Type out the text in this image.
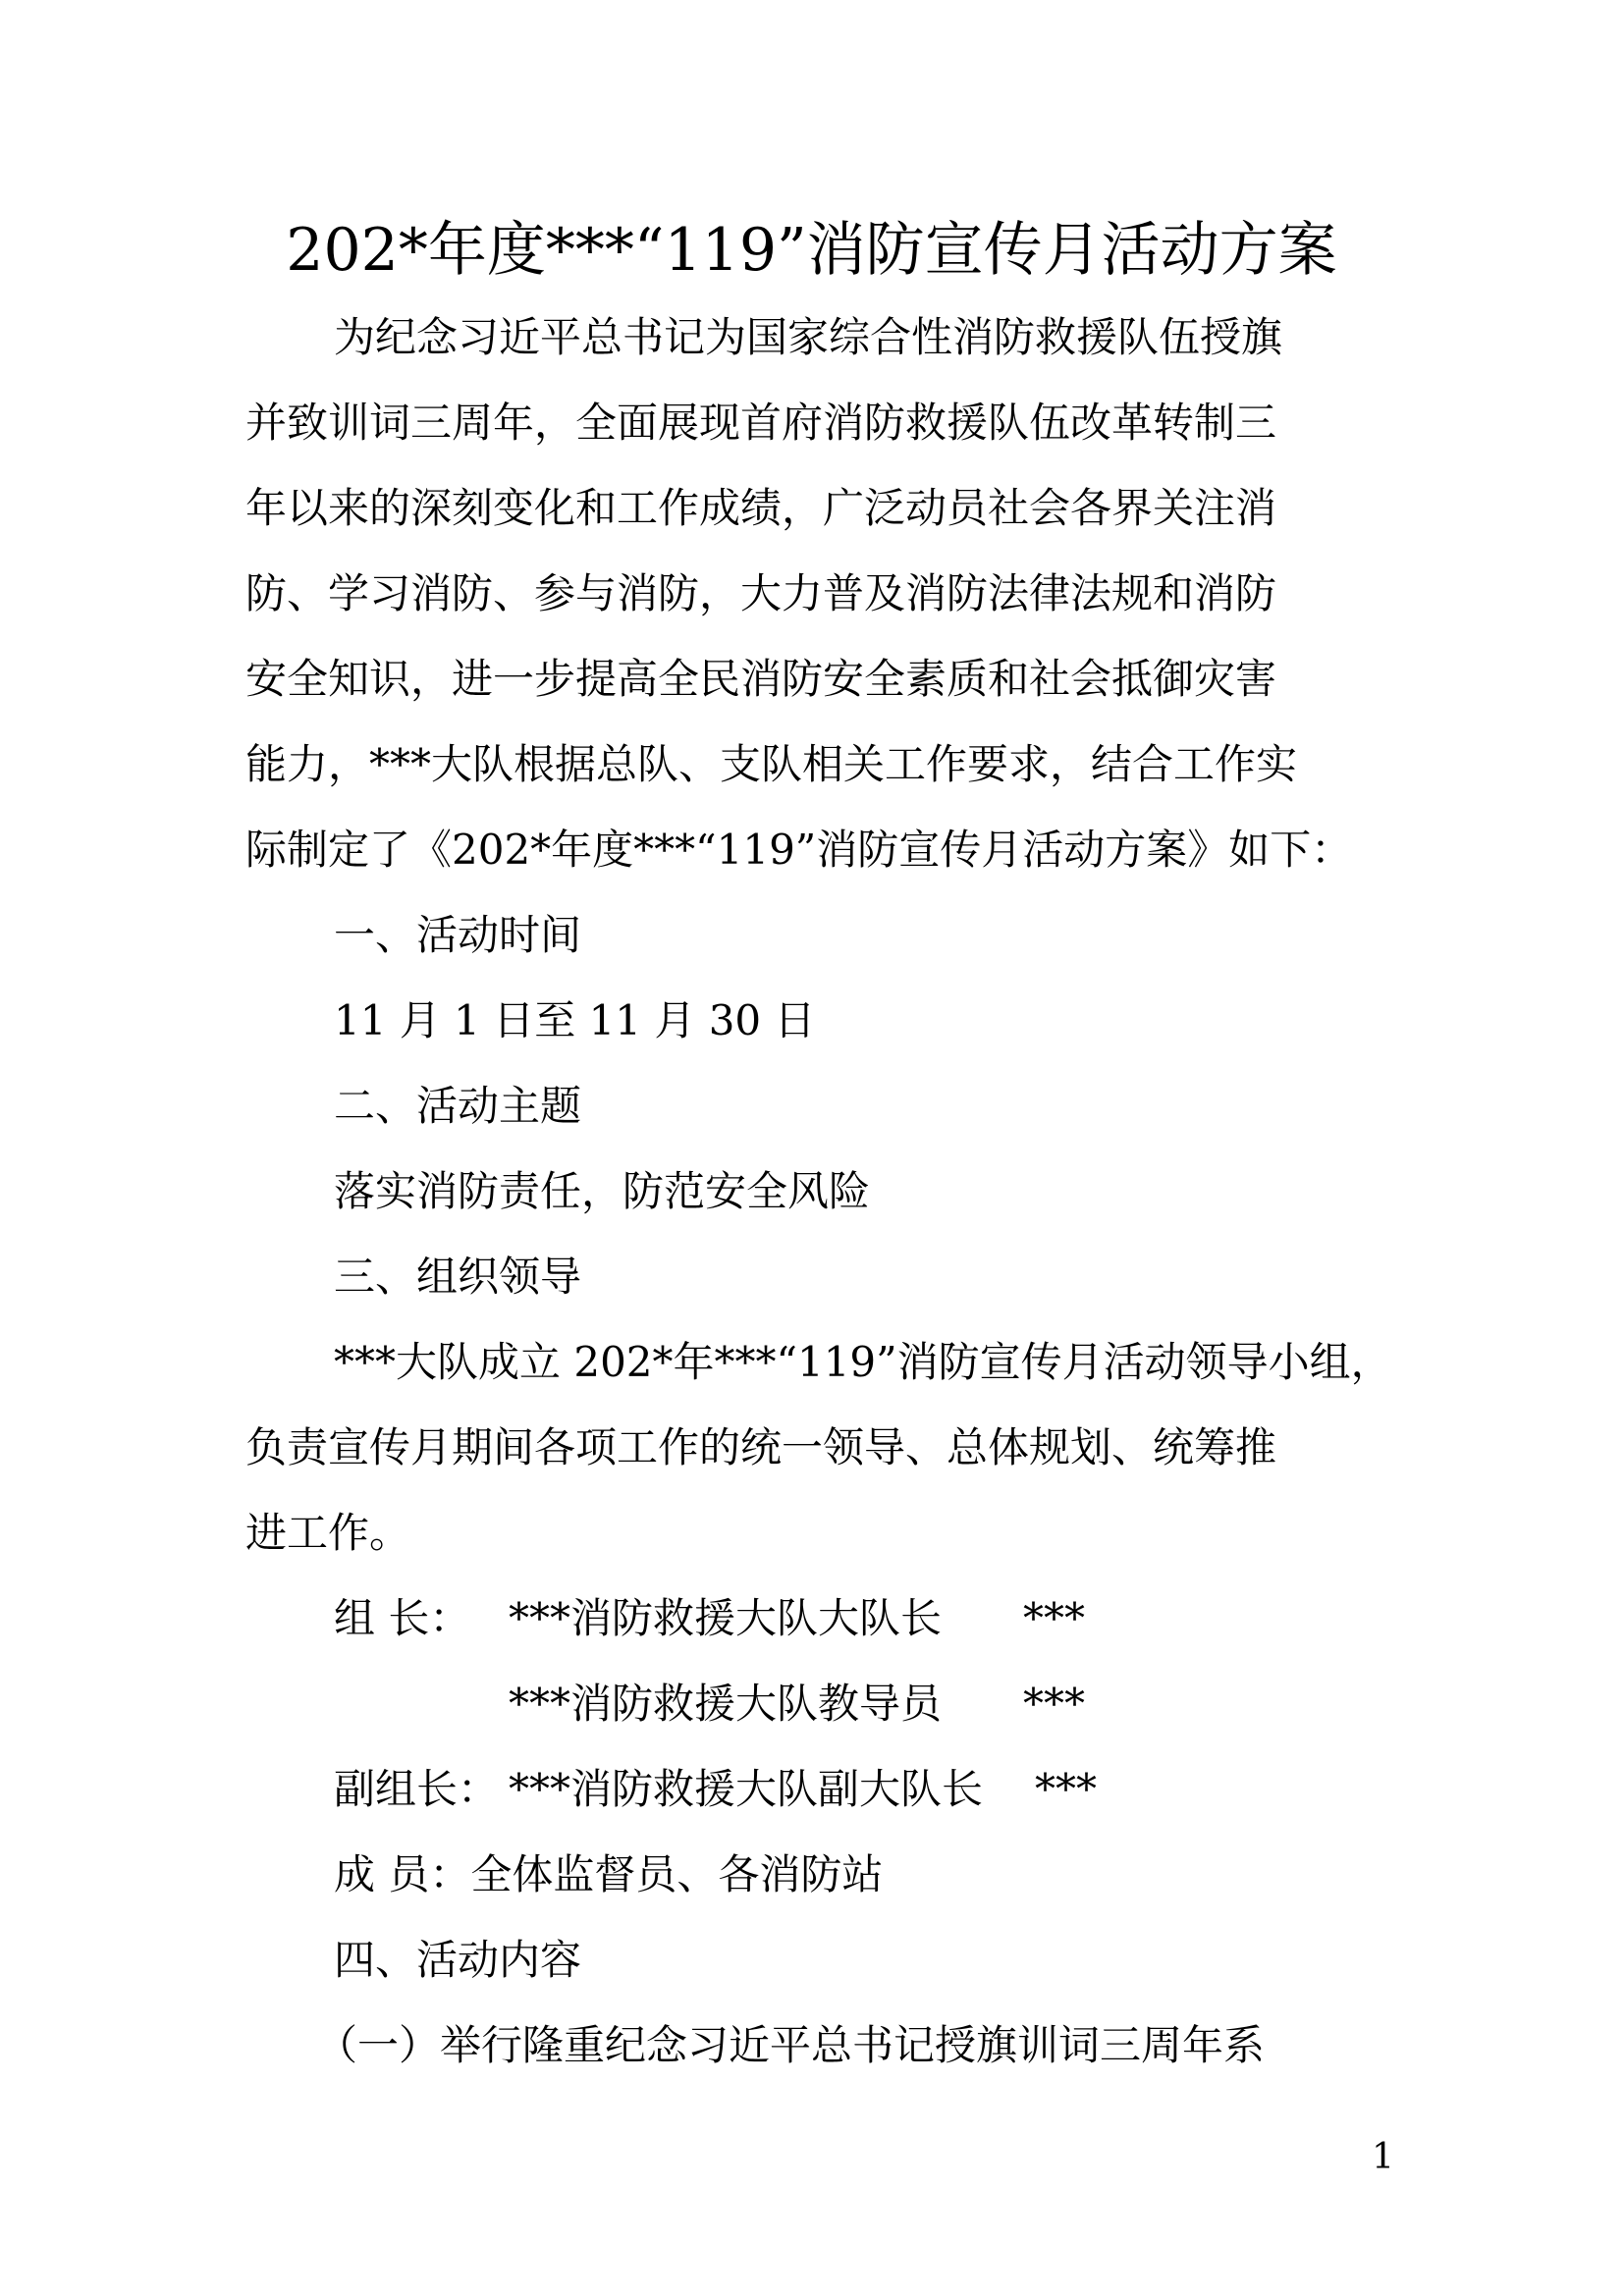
202*年度***“119”消防宣传月活动方案
为纪念习近平总书记为国家综合性消防救援队伍授旗
并致训词三周年，全面展现首府消防救援队伍改革转制三
年以来的深刻变化和工作成绩，广泛动员社会各界关注消
防、学习消防、参与消防，大力普及消防法律法规和消防
安全知识，进一步提高全民消防安全素质和社会抵御灾害
能力，***大队根据总队、支队相关工作要求，结合工作实
际制定了《202*年度***“119”消防宣传月活动方案》如下：
一、活动时间
11 月 1 日至 11 月 30 日
二、活动主题
落实消防责任，防范安全风险
三、组织领导
***大队成立 202*年***“119”消防宣传月活动领导小组，
负责宣传月期间各项工作的统一领导、总体规划、统筹推
进工作。
组 长： ***消防救援大队大队长 ***
***消防救援大队教导员 ***
副组长： ***消防救援大队副大队长 ***
成 员：全体监督员、各消防站
四、活动内容
（一）举行隆重纪念习近平总书记授旗训词三周年系
1
